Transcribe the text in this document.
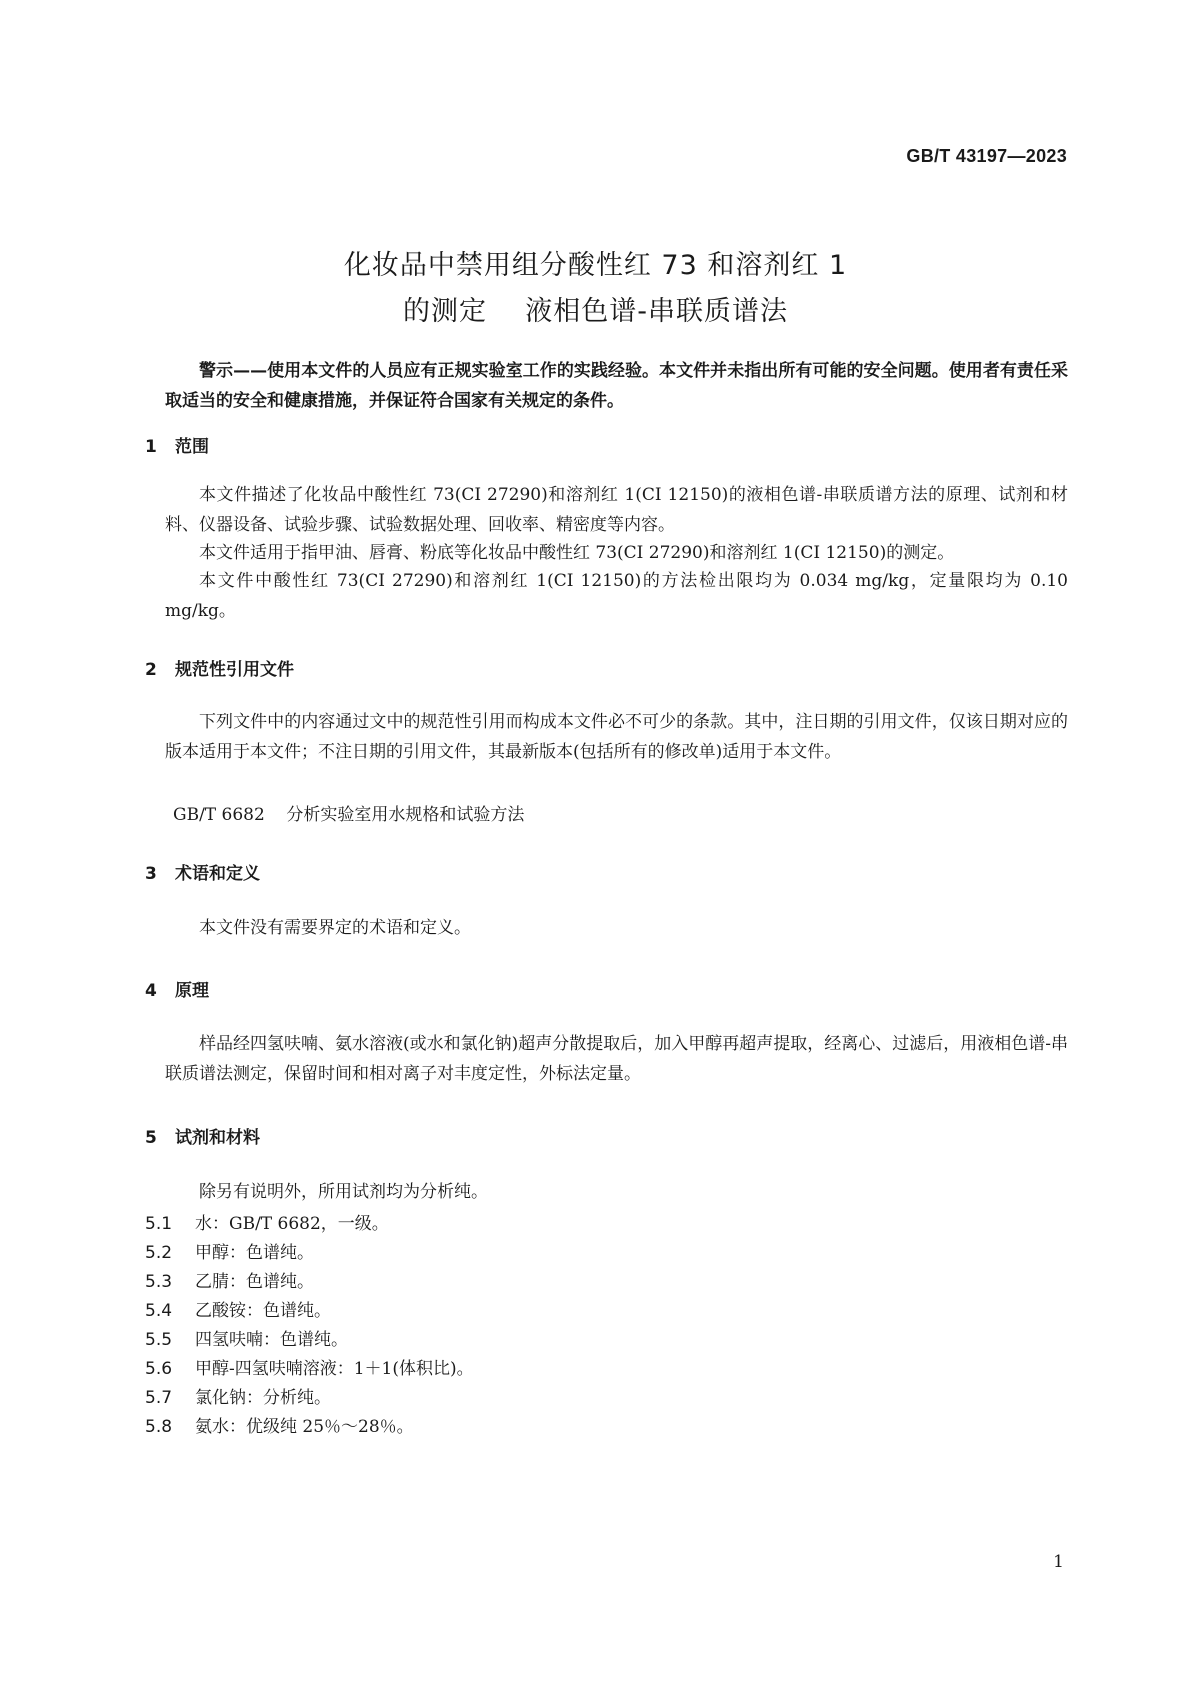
GB/T 43197—2023
化妆品中禁用组分酸性红 73 和溶剂红 1
的测定    液相色谱-串联质谱法
警示——使用本文件的人员应有正规实验室工作的实践经验。本文件并未指出所有可能的安全问题。使用者有责任采取适当的安全和健康措施，并保证符合国家有关规定的条件。
1 范围
本文件描述了化妆品中酸性红 73(CI 27290)和溶剂红 1(CI 12150)的液相色谱-串联质谱方法的原理、试剂和材料、仪器设备、试验步骤、试验数据处理、回收率、精密度等内容。
本文件适用于指甲油、唇膏、粉底等化妆品中酸性红 73(CI 27290)和溶剂红 1(CI 12150)的测定。
本文件中酸性红 73(CI 27290)和溶剂红 1(CI 12150)的方法检出限均为 0.034 mg/kg，定量限均为 0.10 mg/kg。
2 规范性引用文件
下列文件中的内容通过文中的规范性引用而构成本文件必不可少的条款。其中，注日期的引用文件，仅该日期对应的版本适用于本文件；不注日期的引用文件，其最新版本(包括所有的修改单)适用于本文件。
GB/T 6682    分析实验室用水规格和试验方法
3 术语和定义
本文件没有需要界定的术语和定义。
4 原理
样品经四氢呋喃、氨水溶液(或水和氯化钠)超声分散提取后，加入甲醇再超声提取，经离心、过滤后，用液相色谱-串联质谱法测定，保留时间和相对离子对丰度定性，外标法定量。
5 试剂和材料
除另有说明外，所用试剂均为分析纯。
5.1 水：GB/T 6682，一级。
5.2 甲醇：色谱纯。
5.3 乙腈：色谱纯。
5.4 乙酸铵：色谱纯。
5.5 四氢呋喃：色谱纯。
5.6 甲醇-四氢呋喃溶液：1＋1(体积比)。
5.7 氯化钠：分析纯。
5.8 氨水：优级纯 25％～28％。
1
